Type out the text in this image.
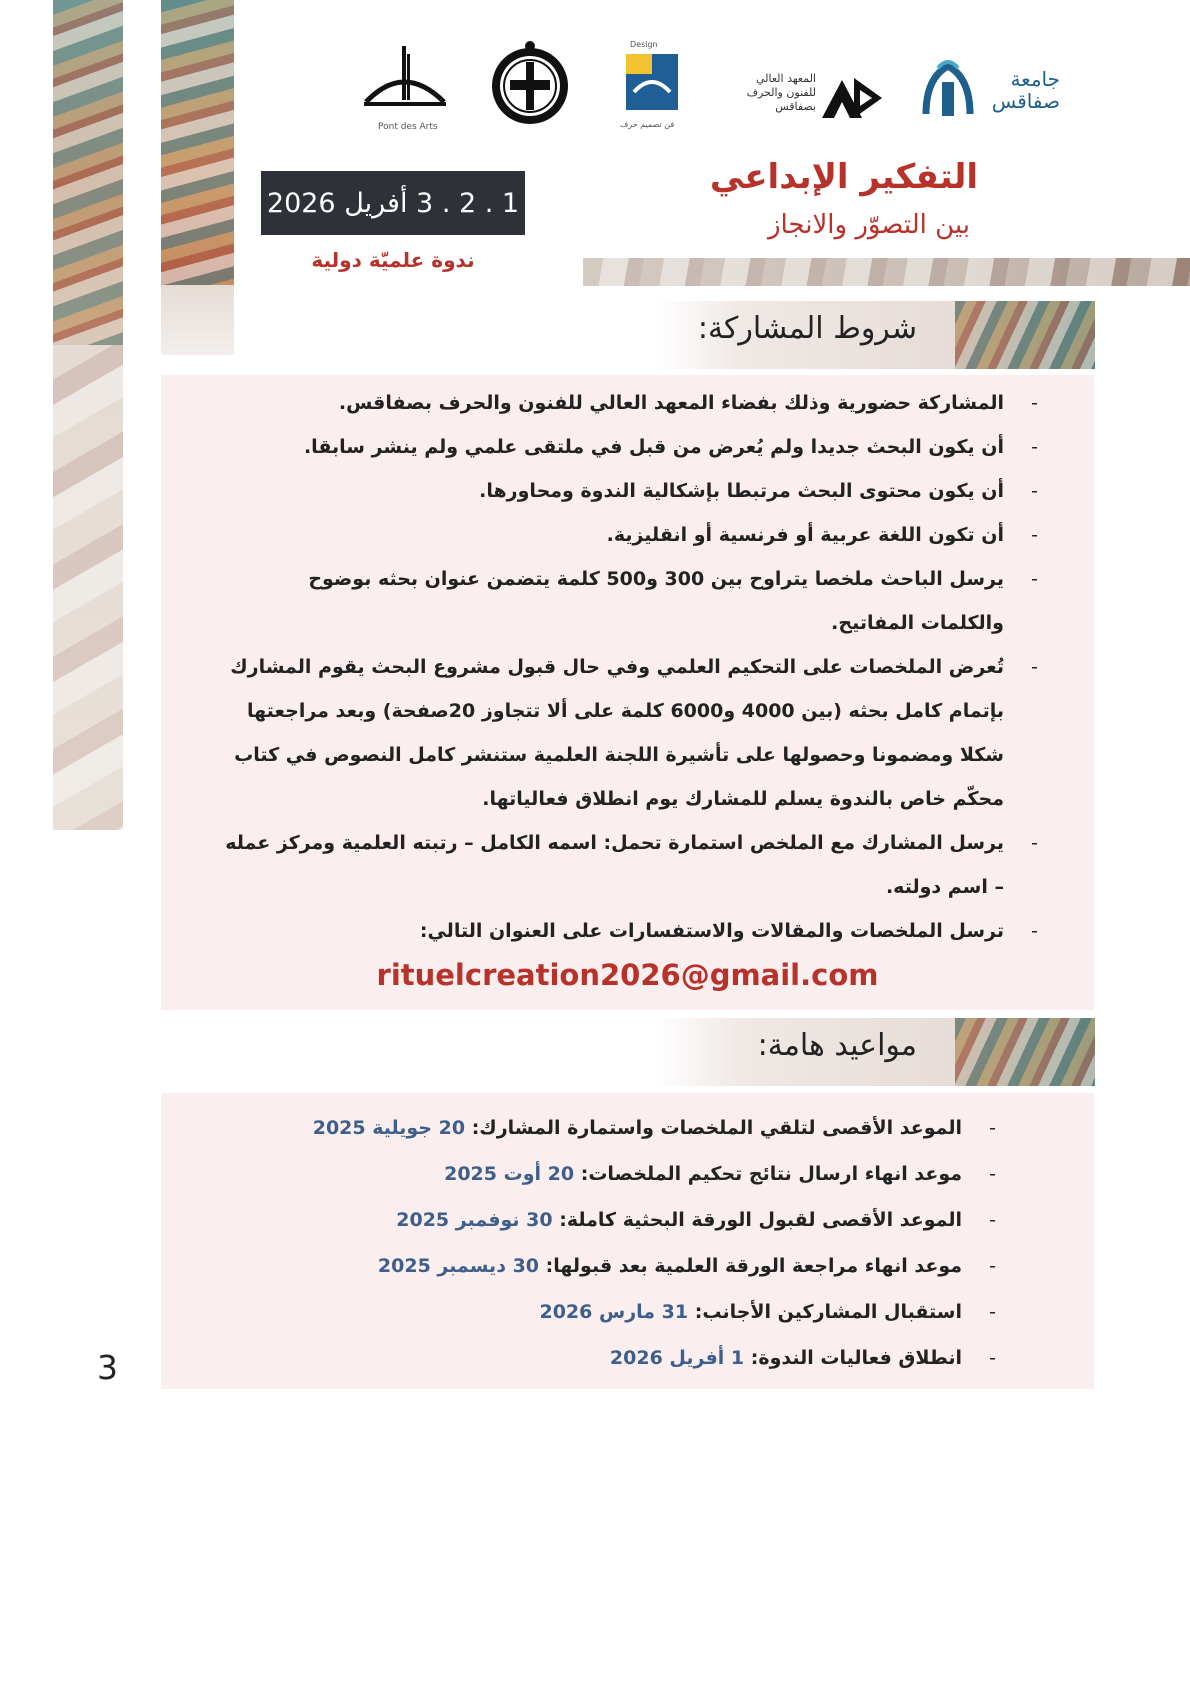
Pont des Arts
Design
فن تصميم حرف
المعهد العالي
للفنون والحرف
بصفاقس
جامعة
صفاقس
1 . 2 . 3 أفريل 2026
ندوة علميّة دولية
التفكير الإبداعي
بين التصوّر والانجاز
شروط المشاركة:
-
المشاركة حضورية وذلك بفضاء المعهد العالي للفنون والحرف بصفاقس.
-
أن يكون البحث جديدا ولم يُعرض من قبل في ملتقى علمي ولم ينشر سابقا.
-
أن يكون محتوى البحث مرتبطا بإشكالية الندوة ومحاورها.
-
أن تكون اللغة عربية أو فرنسية أو انقليزية.
-
يرسل الباحث ملخصا يتراوح بين 300 و500 كلمة يتضمن عنوان بحثه بوضوح والكلمات المفاتيح.
-
تُعرض الملخصات على التحكيم العلمي وفي حال قبول مشروع البحث يقوم المشارك بإتمام كامل بحثه (بين 4000 و6000 كلمة على ألا تتجاوز 20صفحة) وبعد مراجعتها شكلا ومضمونا وحصولها على تأشيرة اللجنة العلمية ستنشر كامل النصوص في كتاب محكّم خاص بالندوة يسلم للمشارك يوم انطلاق فعالياتها.
-
يرسل المشارك مع الملخص استمارة تحمل: اسمه الكامل – رتبته العلمية ومركز عمله – اسم دولته.
-
ترسل الملخصات والمقالات والاستفسارات على العنوان التالي:
rituelcreation2026@gmail.com
مواعيد هامة:
-
الموعد الأقصى لتلقي الملخصات واستمارة المشارك: 20 جويلية 2025
-
موعد انهاء ارسال نتائج تحكيم الملخصات: 20 أوت 2025
-
الموعد الأقصى لقبول الورقة البحثية كاملة: 30 نوفمبر 2025
-
موعد انهاء مراجعة الورقة العلمية بعد قبولها: 30 ديسمبر 2025
-
استقبال المشاركين الأجانب: 31 مارس 2026
-
انطلاق فعاليات الندوة: 1 أفريل 2026
3
